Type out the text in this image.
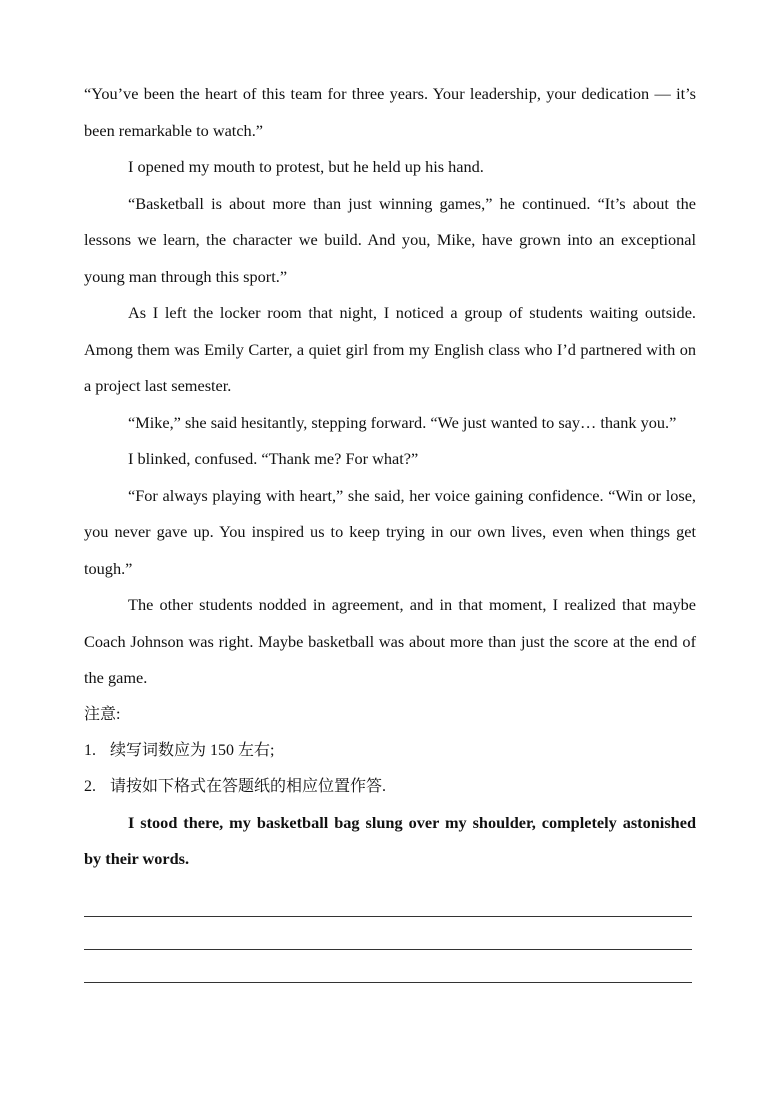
“You’ve been the heart of this team for three years. Your leadership, your dedication — it’s been remarkable to watch.”

I opened my mouth to protest, but he held up his hand.

“Basketball is about more than just winning games,” he continued. “It’s about the lessons we learn, the character we build. And you, Mike, have grown into an exceptional young man through this sport.”

As I left the locker room that night, I noticed a group of students waiting outside. Among them was Emily Carter, a quiet girl from my English class who I’d partnered with on a project last semester.

“Mike,” she said hesitantly, stepping forward. “We just wanted to say… thank you.”

I blinked, confused. “Thank me? For what?”

“For always playing with heart,” she said, her voice gaining confidence. “Win or lose, you never gave up. You inspired us to keep trying in our own lives, even when things get tough.”

The other students nodded in agreement, and in that moment, I realized that maybe Coach Johnson was right. Maybe basketball was about more than just the score at the end of the game.

注意:

1. 续写词数应为 150 左右;

2. 请按如下格式在答题纸的相应位置作答.

I stood there, my basketball bag slung over my shoulder, completely astonished by their words.
